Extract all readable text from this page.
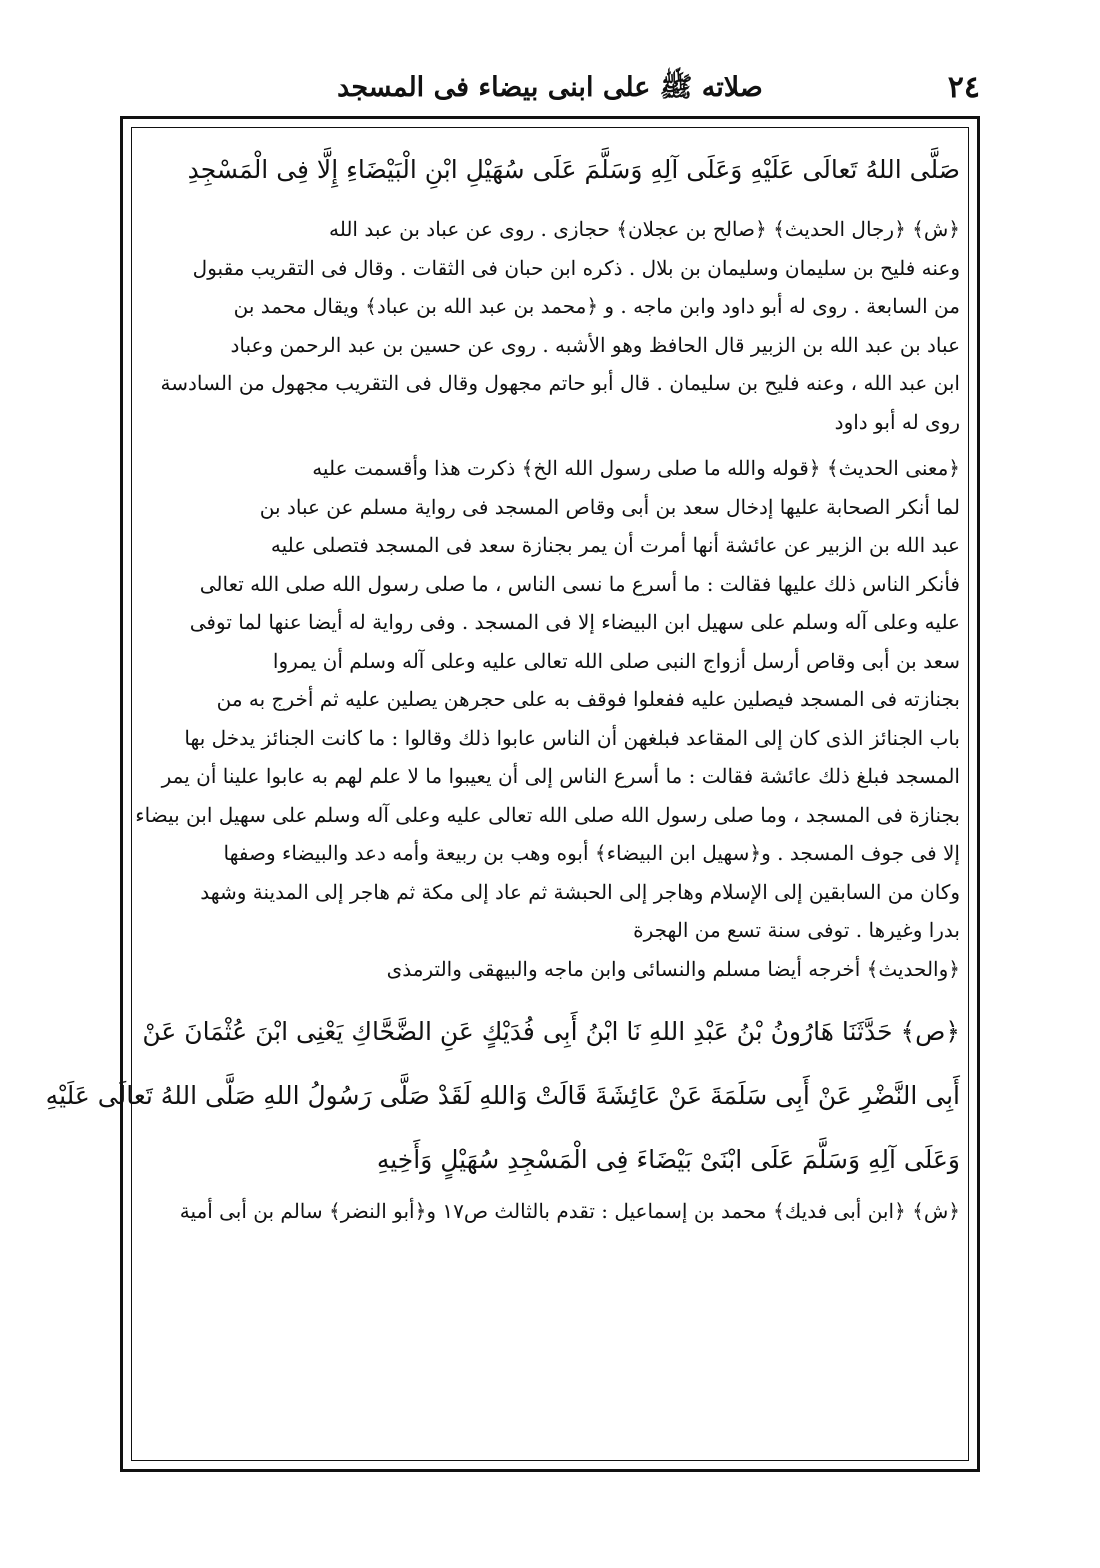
٢٤
صلاته ﷺ على ابنى بيضاء فى المسجد
صَلَّى اللهُ تَعالَى عَلَيْهِ وَعَلَى آلِهِ وَسَلَّمَ عَلَى سُهَيْلِ ابْنِ الْبَيْضَاءِ إِلَّا فِى الْمَسْجِدِ
﴿ش﴾ ﴿رجال الحديث﴾ ﴿صالح بن عجلان﴾ حجازى . روى عن عباد بن عبد الله
وعنه فليح بن سليمان وسليمان بن بلال . ذكره ابن حبان فى الثقات . وقال فى التقريب مقبول
من السابعة . روى له أبو داود وابن ماجه . و ﴿محمد بن عبد الله بن عباد﴾ ويقال محمد بن
عباد بن عبد الله بن الزبير قال الحافظ وهو الأشبه . روى عن حسين بن عبد الرحمن وعباد
ابن عبد الله ، وعنه فليح بن سليمان . قال أبو حاتم مجهول وقال فى التقريب مجهول من السادسة
روى له أبو داود
﴿معنى الحديث﴾ ﴿قوله والله ما صلى رسول الله الخ﴾ ذكرت هذا وأقسمت عليه
لما أنكر الصحابة عليها إدخال سعد بن أبى وقاص المسجد فى رواية مسلم عن عباد بن
عبد الله بن الزبير عن عائشة أنها أمرت أن يمر بجنازة سعد فى المسجد فتصلى عليه
فأنكر الناس ذلك عليها فقالت : ما أسرع ما نسى الناس ، ما صلى رسول الله صلى الله تعالى
عليه وعلى آله وسلم على سهيل ابن البيضاء إلا فى المسجد . وفى رواية له أيضا عنها لما توفى
سعد بن أبى وقاص أرسل أزواج النبى صلى الله تعالى عليه وعلى آله وسلم أن يمروا
بجنازته فى المسجد فيصلين عليه ففعلوا فوقف به على حجرهن يصلين عليه ثم أخرج به من
باب الجنائز الذى كان إلى المقاعد فبلغهن أن الناس عابوا ذلك وقالوا : ما كانت الجنائز يدخل بها
المسجد فبلغ ذلك عائشة فقالت : ما أسرع الناس إلى أن يعيبوا ما لا علم لهم به عابوا علينا أن يمر
بجنازة فى المسجد ، وما صلى رسول الله صلى الله تعالى عليه وعلى آله وسلم على سهيل ابن بيضاء
إلا فى جوف المسجد . و﴿سهيل ابن البيضاء﴾ أبوه وهب بن ربيعة وأمه دعد والبيضاء وصفها
وكان من السابقين إلى الإسلام وهاجر إلى الحبشة ثم عاد إلى مكة ثم هاجر إلى المدينة وشهد
بدرا وغيرها . توفى سنة تسع من الهجرة
﴿والحديث﴾ أخرجه أيضا مسلم والنسائى وابن ماجه والبيهقى والترمذى
﴿ص﴾ حَدَّثَنَا هَارُونُ بْنُ عَبْدِ اللهِ نَا ابْنُ أَبِى فُدَيْكٍ عَنِ الضَّحَّاكِ يَعْنِى ابْنَ عُثْمَانَ عَنْ
أَبِى النَّضْرِ عَنْ أَبِى سَلَمَةَ عَنْ عَائِشَةَ قَالَتْ وَاللهِ لَقَدْ صَلَّى رَسُولُ اللهِ صَلَّى اللهُ تَعالَى عَلَيْهِ
وَعَلَى آلِهِ وَسَلَّمَ عَلَى ابْنَىْ بَيْضَاءَ فِى الْمَسْجِدِ سُهَيْلٍ وَأَخِيهِ
﴿ش﴾ ﴿ابن أبى فديك﴾ محمد بن إسماعيل : تقدم بالثالث ص١٧ و﴿أبو النضر﴾ سالم بن أبى أمية
